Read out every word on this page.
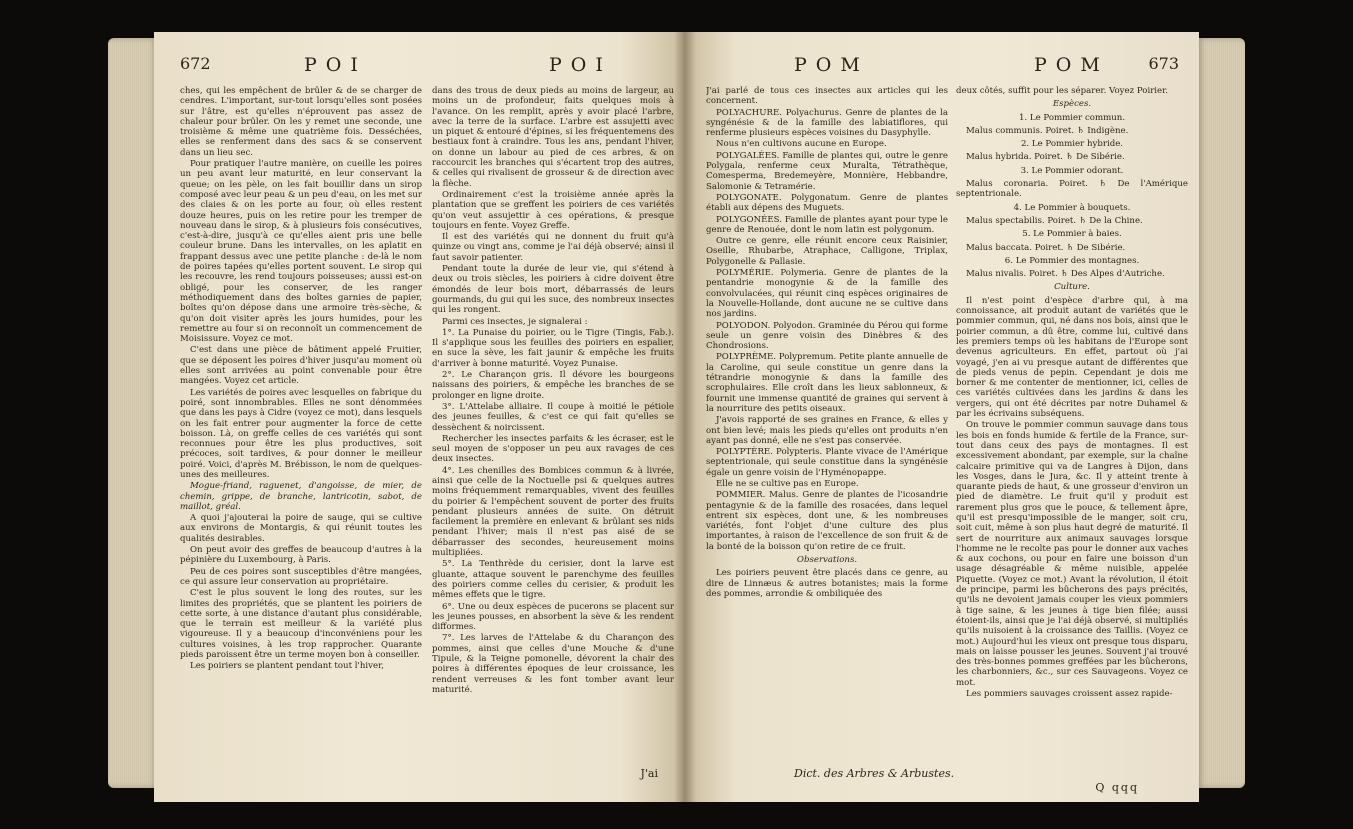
672	POI	POI

ches, qui les empêchent de brûler & de se charger de cendres. L'important, sur-tout lorsqu'elles sont posées sur l'âtre, est qu'elles n'éprouvent pas assez de chaleur pour brûler. On les y remet une seconde, une troisième & même une quatrième fois. Desséchées, elles se renferment dans des sacs & se conservent dans un lieu sec.

Pour pratiquer l'autre manière, on cueille les poires un peu avant leur maturité, en leur conservant la queue; on les pèle, on les fait bouillir dans un sirop composé avec leur peau & un peu d'eau, on les met sur des claies & on les porte au four, où elles restent douze heures, puis on les retire pour les tremper de nouveau dans le sirop, & à plusieurs fois consécutives, c'est-à-dire, jusqu'à ce qu'elles aient pris une belle couleur brune. Dans les intervalles, on les aplatit en frappant dessus avec une petite planche : de-là le nom de poires tapées qu'elles portent souvent. Le sirop qui les recouvre, les rend toujours poisseuses; aussi est-on obligé, pour les conserver, de les ranger méthodiquement dans des boîtes garnies de papier, boîtes qu'on dépose dans une armoire très-sèche, & qu'on doit visiter après les jours humides, pour les remettre au four si on reconnoît un commencement de Moisissure. Voyez ce mot.

C'est dans une pièce de bâtiment appelé Fruitier, que se déposent les poires d'hiver jusqu'au moment où elles sont arrivées au point convenable pour être mangées. Voyez cet article.

Les variétés de poires avec lesquelles on fabrique du poiré, sont innombrables. Elles ne sont dénommées que dans les pays à Cidre (voyez ce mot), dans lesquels on les fait entrer pour augmenter la force de cette boisson. Là, on greffe celles de ces variétés qui sont reconnues pour être les plus productives, soit précoces, soit tardives, & pour donner le meilleur poiré. Voici, d'après M. Brébisson, le nom de quelques-unes des meilleures.

Mogue-friand, raguenet, d'angoisse, de mier, de chemin, grippe, de branche, lantricotin, sabot, de maillot, gréal.

A quoi j'ajouterai la poire de sauge, qui se cultive aux environs de Montargis, & qui réunit toutes les qualités desirables.

On peut avoir des greffes de beaucoup d'autres à la pépinière du Luxembourg, à Paris.

Peu de ces poires sont susceptibles d'être mangées, ce qui assure leur conservation au propriétaire.

C'est le plus souvent le long des routes, sur les limites des propriétés, que se plantent les poiriers de cette sorte, à une distance d'autant plus considérable, que le terrain est meilleur & la variété plus vigoureuse. Il y a beaucoup d'inconvéniens pour les cultures voisines, à les trop rapprocher. Quarante pieds paroissent être un terme moyen bon à conseiller.

Les poiriers se plantent pendant tout l'hiver,

dans des trous de deux pieds au moins de largeur, au moins un de profondeur, faits quelques mois à l'avance. On les remplit, après y avoir placé l'arbre, avec la terre de la surface. L'arbre est assujetti avec un piquet & entouré d'épines, si les fréquentemens des bestiaux font à craindre. Tous les ans, pendant l'hiver, on donne un labour au pied de ces arbres, & on raccourcit les branches qui s'écartent trop des autres, & celles qui rivalisent de grosseur & de direction avec la flèche.

Ordinairement c'est la troisième année après la plantation que se greffent les poiriers de ces variétés qu'on veut assujettir à ces opérations, & presque toujours en fente. Voyez Greffe.

Il est des variétés qui ne donnent du fruit qu'à quinze ou vingt ans, comme je l'ai déjà observé; ainsi il faut savoir patienter.

Pendant toute la durée de leur vie, qui s'étend à deux ou trois siècles, les poiriers à cidre doivent être émondés de leur bois mort, débarrassés de leurs gourmands, du gui qui les suce, des nombreux insectes qui les rongent.

Parmi ces insectes, je signalerai :

1°. La Punaise du poirier, ou le Tigre (Tingis, Fab.). Il s'applique sous les feuilles des poiriers en espalier, en suce la sève, les fait jaunir & empêche les fruits d'arriver à bonne maturité. Voyez Punaise.

2°. Le Charançon gris. Il dévore les bourgeons naissans des poiriers, & empêche les branches de se prolonger en ligne droite.

3°. L'Attelabe alliaire. Il coupe à moitié le pétiole des jeunes feuilles, & c'est ce qui fait qu'elles se dessèchent & noircissent.

Rechercher les insectes parfaits & les écraser, est le seul moyen de s'opposer un peu aux ravages de ces deux insectes.

4°. Les chenilles des Bombices commun & à livrée, ainsi que celle de la Noctuelle psi & quelques autres moins fréquemment remarquables, vivent des feuilles du poirier & l'empêchent souvent de porter des fruits pendant plusieurs années de suite. On détruit facilement la première en enlevant & brûlant ses nids pendant l'hiver; mais il n'est pas aisé de se débarrasser des secondes, heureusement moins multipliées.

5°. La Tenthrède du cerisier, dont la larve est gluante, attaque souvent le parenchyme des feuilles des poiriers comme celles du cerisier, & produit les mêmes effets que le tigre.

6°. Une ou deux espèces de pucerons se placent sur les jeunes pousses, en absorbent la sève & les rendent difformes.

7°. Les larves de l'Attelabe & du Charançon des pommes, ainsi que celles d'une Mouche & d'une Tipule, & la Teigne pomonelle, dévorent la chair des poires à différentes époques de leur croissance, les rendent verreuses & les font tomber avant leur maturité.

J'ai
POM	POM 673

J'ai parlé de tous ces insectes aux articles qui les concernent.

POLYACHURE. Polyachurus. Genre de plantes de la syngénésie & de la famille des labiatiflores, qui renferme plusieurs espèces voisines du Dasyphylle.

Nous n'en cultivons aucune en Europe.

POLYGALÉES. Famille de plantes qui, outre le genre Polygala, renferme ceux Muralta, Tétrathèque, Comesperma, Bredemeyère, Monnière, Hebbandre, Salomonie & Tetramérie.

POLYGONATE. Polygonatum. Genre de plantes établi aux dépens des Muguets.

POLYGONÉES. Famille de plantes ayant pour type le genre de Renouée, dont le nom latin est polygonum.

Outre ce genre, elle réunit encore ceux Raisinier, Oseille, Rhubarbe, Atraphace, Calligone, Triplax, Polygonelle & Pallasie.

POLYMÉRIE. Polymeria. Genre de plantes de la pentandrie monogynie & de la famille des convolvulacées, qui réunit cinq espèces originaires de la Nouvelle-Hollande, dont aucune ne se cultive dans nos jardins.

POLYODON. Polyodon. Graminée du Pérou qui forme seule un genre voisin des Dinèbres & des Chondrosions.

POLYPRÈME. Polypremum. Petite plante annuelle de la Caroline, qui seule constitue un genre dans la tétrandrie monogynie & dans la famille des scrophulaires. Elle croît dans les lieux sablonneux, & fournit une immense quantité de graines qui servent à la nourriture des petits oiseaux.

J'avois rapporté de ses graines en France, & elles y ont bien levé; mais les pieds qu'elles ont produits n'en ayant pas donné, elle ne s'est pas conservée.

POLYPTÈRE. Polypteris. Plante vivace de l'Amérique septentrionale, qui seule constitue dans la syngénésie égale un genre voisin de l'Hyménopappe.

Elle ne se cultive pas en Europe.

POMMIER. Malus. Genre de plantes de l'icosandrie pentagynie & de la famille des rosacées, dans lequel entrent six espèces, dont une, & les nombreuses variétés, font l'objet d'une culture des plus importantes, à raison de l'excellence de son fruit & de la bonté de la boisson qu'on retire de ce fruit.

Observations.

Les poiriers peuvent être placés dans ce genre, au dire de Linnæus & autres botanistes; mais la forme des pommes, arrondie & ombiliquée des

deux côtés, suffit pour les séparer. Voyez Poirier.

Espèces.

1. Le Pommier commun.

Malus communis. Poiret. ♄ Indigène.

2. Le Pommier hybride.

Malus hybrida. Poiret. ♄ De Sibérie.

3. Le Pommier odorant.

Malus coronaria. Poiret. ♄ De l'Amérique septentrionale.

4. Le Pommier à bouquets.

Malus spectabilis. Poiret. ♄ De la Chine.

5. Le Pommier à baies.

Malus baccata. Poiret. ♄ De Sibérie.

6. Le Pommier des montagnes.

Malus nivalis. Poiret. ♄ Des Alpes d'Autriche.

Culture.

Il n'est point d'espèce d'arbre qui, à ma connoissance, ait produit autant de variétés que le pommier commun, qui, né dans nos bois, ainsi que le poirier commun, a dû être, comme lui, cultivé dans les premiers temps où les habitans de l'Europe sont devenus agriculteurs. En effet, partout où j'ai voyagé, j'en ai vu presque autant de différentes que de pieds venus de pepin. Cependant je dois me borner & me contenter de mentionner, ici, celles de ces variétés cultivées dans les jardins & dans les vergers, qui ont été décrites par notre Duhamel & par les écrivains subséquens.

On trouve le pommier commun sauvage dans tous les bois en fonds humide & fertile de la France, sur-tout dans ceux des pays de montagnes. Il est excessivement abondant, par exemple, sur la chaîne calcaire primitive qui va de Langres à Dijon, dans les Vosges, dans le Jura, &c. Il y atteint trente à quarante pieds de haut, & une grosseur d'environ un pied de diamètre. Le fruit qu'il y produit est rarement plus gros que le pouce, & tellement âpre, qu'il est presqu'impossible de le manger, soit cru, soit cuit, même à son plus haut degré de maturité. Il sert de nourriture aux animaux sauvages lorsque l'homme ne le recolte pas pour le donner aux vaches & aux cochons, ou pour en faire une boisson d'un usage désagréable & même nuisible, appelée Piquette. (Voyez ce mot.) Avant la révolution, il étoit de principe, parmi les bûcherons des pays précités, qu'ils ne devoient jamais couper les vieux pommiers à tige saine, & les jeunes à tige bien filée; aussi étoient-ils, ainsi que je l'ai déjà observé, si multipliés qu'ils nuisoient à la croissance des Taillis. (Voyez ce mot.) Aujourd'hui les vieux ont presque tous disparu, mais on laisse pousser les jeunes. Souvent j'ai trouvé des très-bonnes pommes greffées par les bûcherons, les charbonniers, &c., sur ces Sauvageons. Voyez ce mot.

Les pommiers sauvages croissent assez rapide-

Dict. des Arbres & Arbustes.
Q qqq
